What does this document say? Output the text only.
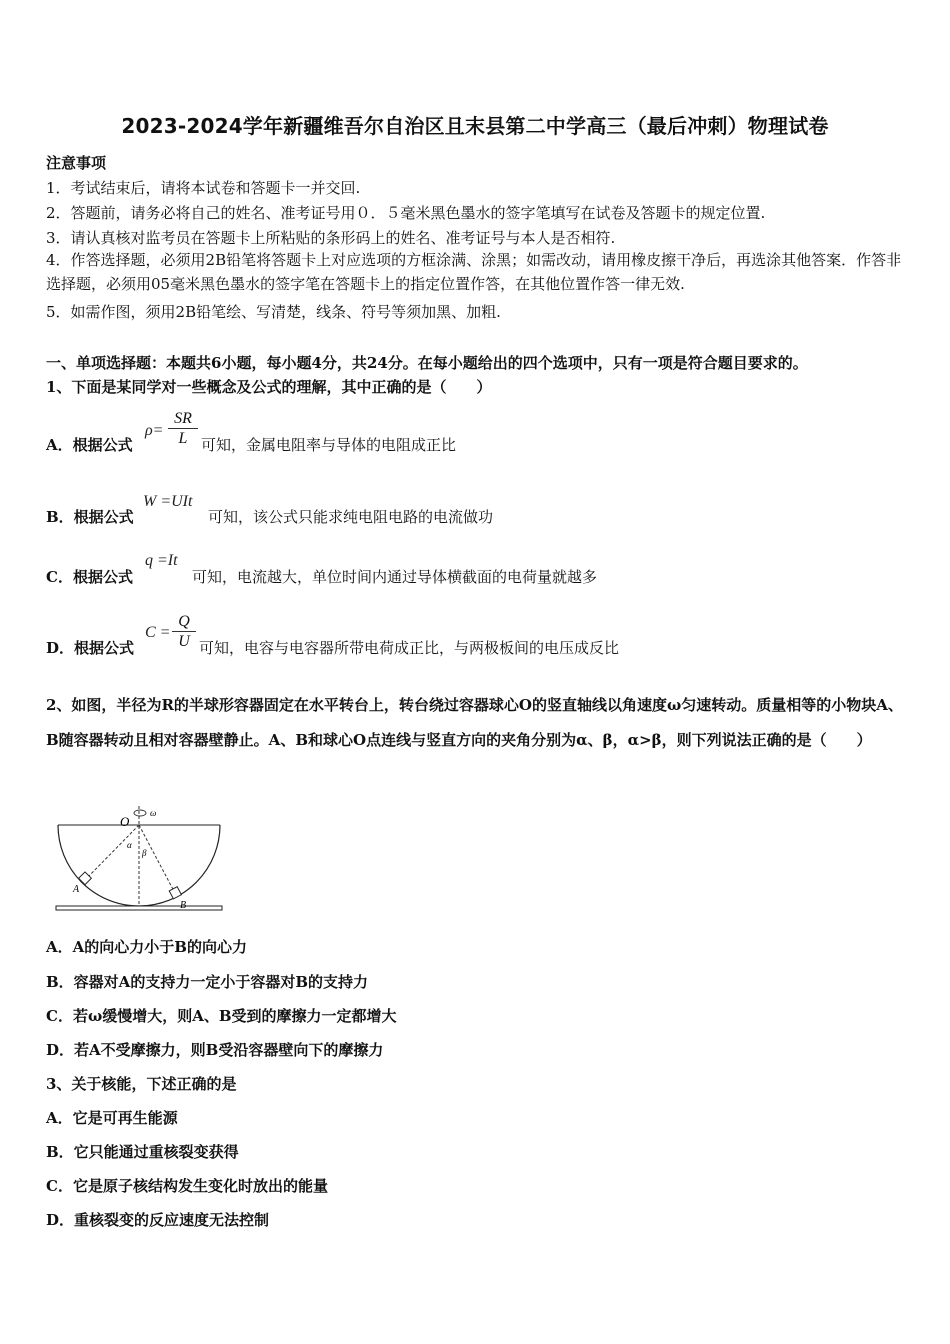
2023-2024学年新疆维吾尔自治区且末县第二中学高三（最后冲刺）物理试卷
注意事项
1．考试结束后，请将本试卷和答题卡一并交回.
2．答题前，请务必将自己的姓名、准考证号用０．５毫米黑色墨水的签字笔填写在试卷及答题卡的规定位置.
3．请认真核对监考员在答题卡上所粘贴的条形码上的姓名、准考证号与本人是否相符.
4．作答选择题，必须用2B铅笔将答题卡上对应选项的方框涂满、涂黑；如需改动，请用橡皮擦干净后，再选涂其他答案．作答非选择题，必须用05毫米黑色墨水的签字笔在答题卡上的指定位置作答，在其他位置作答一律无效.
5．如需作图，须用2B铅笔绘、写清楚，线条、符号等须加黑、加粗.
一、单项选择题：本题共6小题，每小题4分，共24分。在每小题给出的四个选项中，只有一项是符合题目要求的。
1、下面是某同学对一些概念及公式的理解，其中正确的是（　　）
A．根据公式
$\rho= \frac{SR}{L}$ 可知，金属电阻率与导体的电阻成正比
B．根据公式
W =UIt
可知，该公式只能求纯电阻电路的电流做功
C．根据公式
q =It
可知，电流越大，单位时间内通过导体横截面的电荷量就越多
D．根据公式
$C = \frac{Q}{U}$ 可知，电容与电容器所带电荷成正比，与两极板间的电压成反比
2、如图，半径为R的半球形容器固定在水平转台上，转台绕过容器球心O的竖直轴线以角速度ω匀速转动。质量相等的小物块A、B随容器转动且相对容器壁静止。A、B和球心O点连线与竖直方向的夹角分别为α、β，α>β，则下列说法正确的是（　　）
O
ω
α
β
A
B
A．A的向心力小于B的向心力
B．容器对A的支持力一定小于容器对B的支持力
C．若ω缓慢增大，则A、B受到的摩擦力一定都增大
D．若A不受摩擦力，则B受沿容器壁向下的摩擦力
3、关于核能，下述正确的是
A．它是可再生能源
B．它只能通过重核裂变获得
C．它是原子核结构发生变化时放出的能量
D．重核裂变的反应速度无法控制
